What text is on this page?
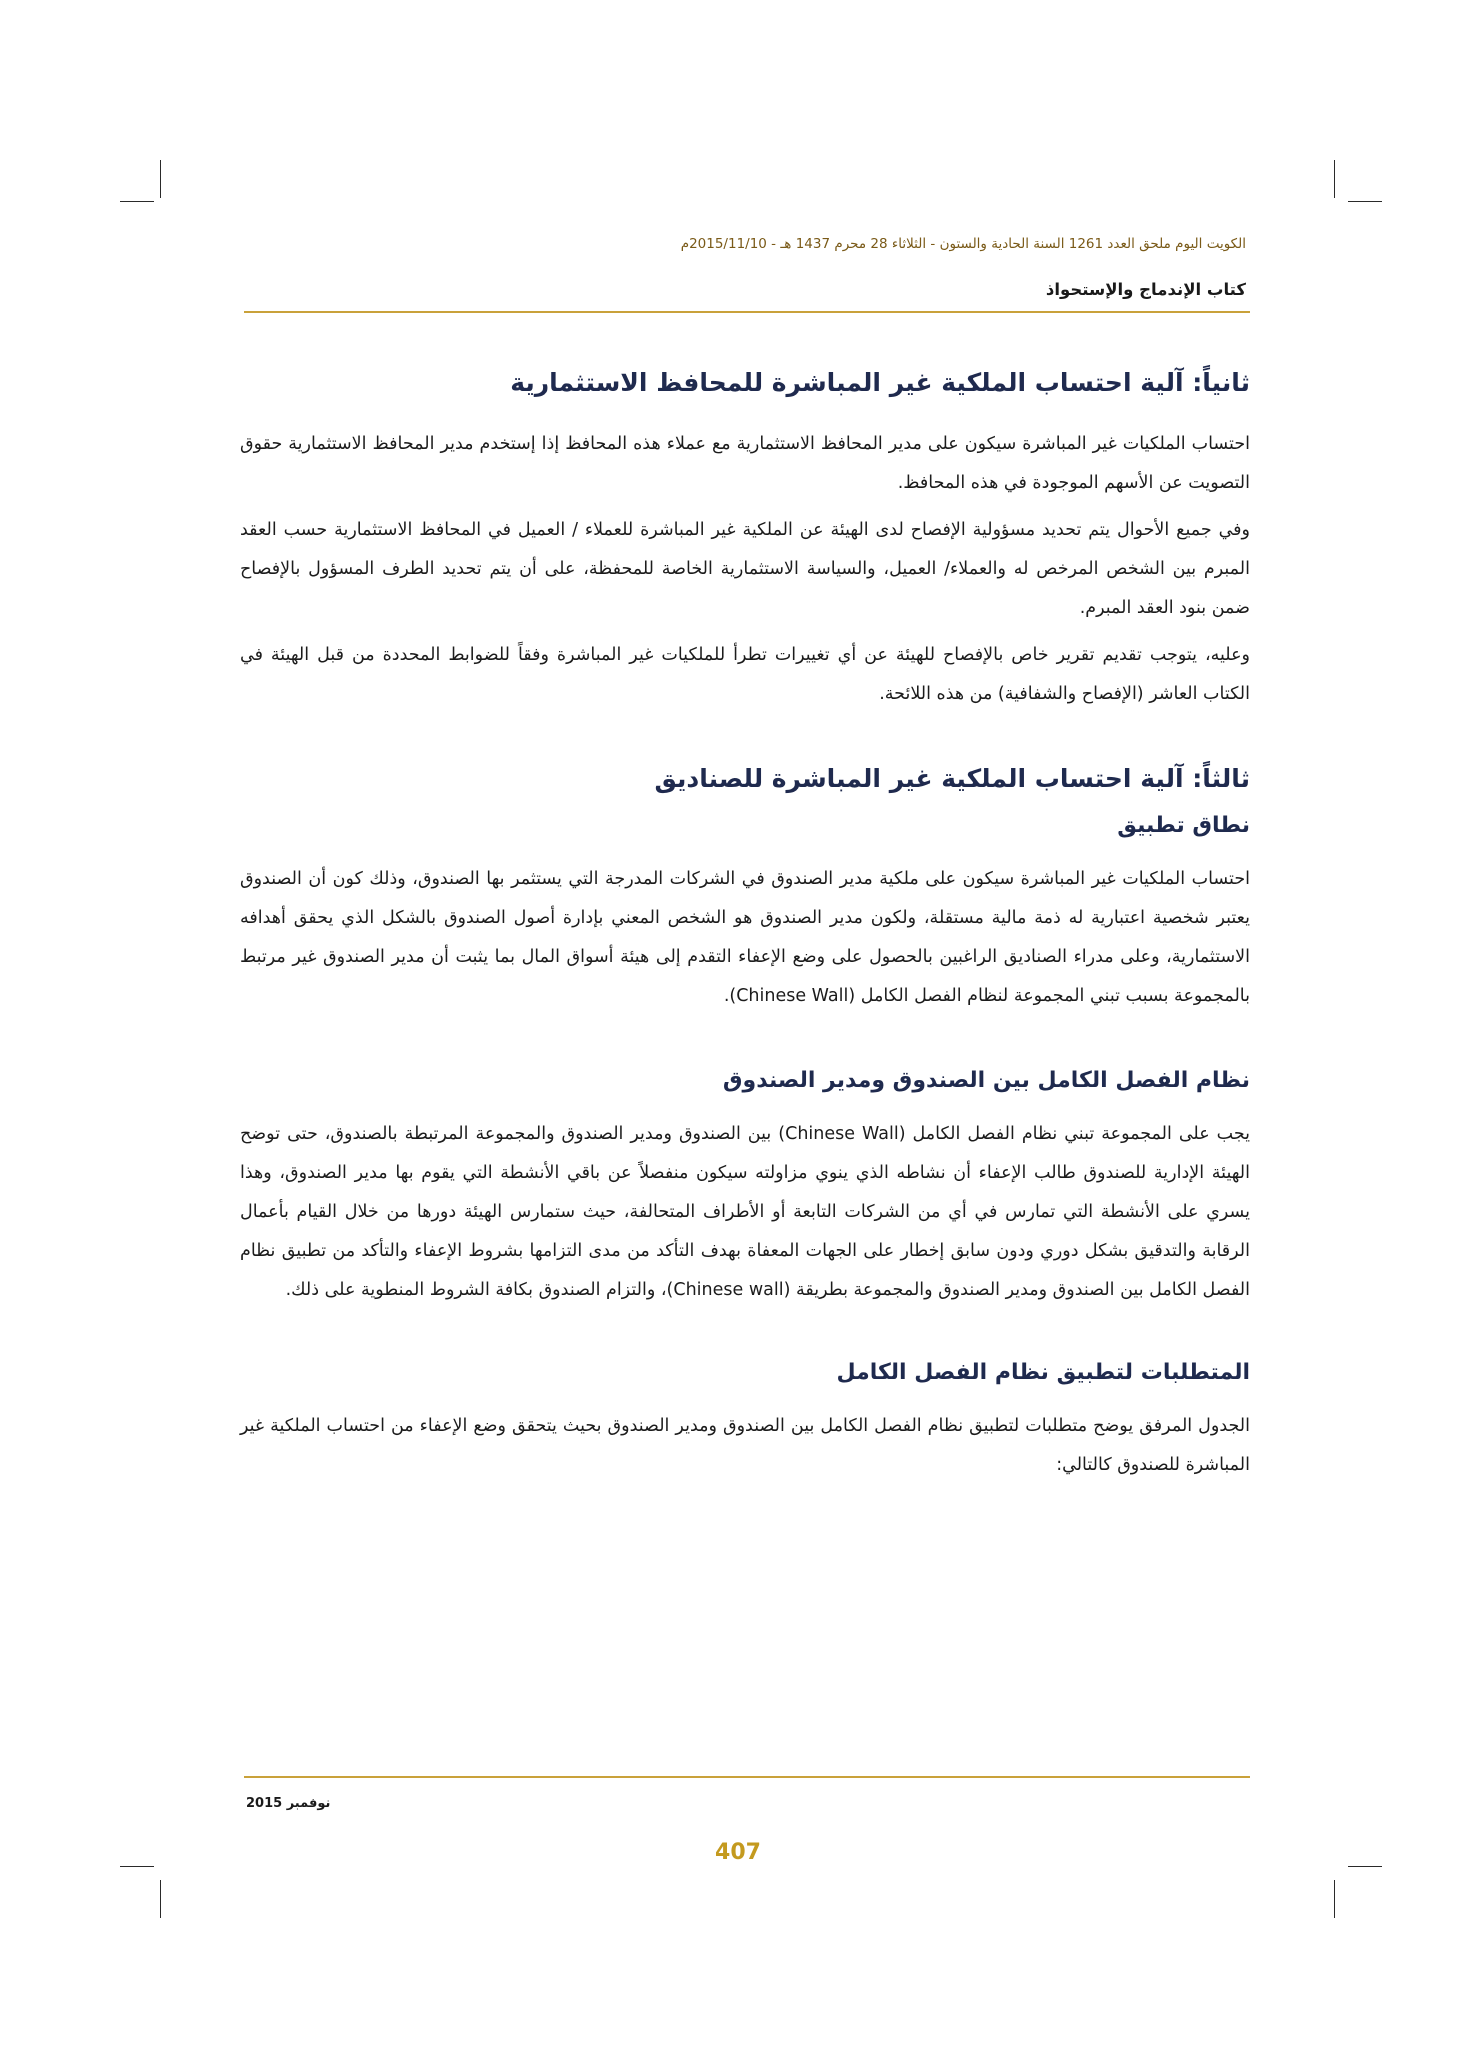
الكويت اليوم ملحق العدد 1261 السنة الحادية والستون - الثلاثاء 28 محرم 1437 هـ - 2015/11/10م
كتاب الإندماج والإستحواذ
ثانياً: آلية احتساب الملكية غير المباشرة للمحافظ الاستثمارية

احتساب الملكيات غير المباشرة سيكون على مدير المحافظ الاستثمارية مع عملاء هذه المحافظ إذا إستخدم مدير المحافظ الاستثمارية حقوق التصويت عن الأسهم الموجودة في هذه المحافظ.

وفي جميع الأحوال يتم تحديد مسؤولية الإفصاح لدى الهيئة عن الملكية غير المباشرة للعملاء / العميل في المحافظ الاستثمارية حسب العقد المبرم بين الشخص المرخص له والعملاء/ العميل، والسياسة الاستثمارية الخاصة للمحفظة، على أن يتم تحديد الطرف المسؤول بالإفصاح ضمن بنود العقد المبرم.

وعليه، يتوجب تقديم تقرير خاص بالإفصاح للهيئة عن أي تغييرات تطرأ للملكيات غير المباشرة وفقاً للضوابط المحددة من قبل الهيئة في الكتاب العاشر (الإفصاح والشفافية) من هذه اللائحة.

ثالثاً: آلية احتساب الملكية غير المباشرة للصناديق
نطاق تطبيق

احتساب الملكيات غير المباشرة سيكون على ملكية مدير الصندوق في الشركات المدرجة التي يستثمر بها الصندوق، وذلك كون أن الصندوق يعتبر شخصية اعتبارية له ذمة مالية مستقلة، ولكون مدير الصندوق هو الشخص المعني بإدارة أصول الصندوق بالشكل الذي يحقق أهدافه الاستثمارية، وعلى مدراء الصناديق الراغبين بالحصول على وضع الإعفاء التقدم إلى هيئة أسواق المال بما يثبت أن مدير الصندوق غير مرتبط بالمجموعة بسبب تبني المجموعة لنظام الفصل الكامل (Chinese Wall).

نظام الفصل الكامل بين الصندوق ومدير الصندوق

يجب على المجموعة تبني نظام الفصل الكامل (Chinese Wall) بين الصندوق ومدير الصندوق والمجموعة المرتبطة بالصندوق، حتى توضح الهيئة الإدارية للصندوق طالب الإعفاء أن نشاطه الذي ينوي مزاولته سيكون منفصلاً عن باقي الأنشطة التي يقوم بها مدير الصندوق، وهذا يسري على الأنشطة التي تمارس في أي من الشركات التابعة أو الأطراف المتحالفة، حيث ستمارس الهيئة دورها من خلال القيام بأعمال الرقابة والتدقيق بشكل دوري ودون سابق إخطار على الجهات المعفاة بهدف التأكد من مدى التزامها بشروط الإعفاء والتأكد من تطبيق نظام الفصل الكامل بين الصندوق ومدير الصندوق والمجموعة بطريقة (Chinese wall)، والتزام الصندوق بكافة الشروط المنطوية على ذلك.

المتطلبات لتطبيق نظام الفصل الكامل

الجدول المرفق يوضح متطلبات لتطبيق نظام الفصل الكامل بين الصندوق ومدير الصندوق بحيث يتحقق وضع الإعفاء من احتساب الملكية غير المباشرة للصندوق كالتالي:

نوفمبر 2015
407
